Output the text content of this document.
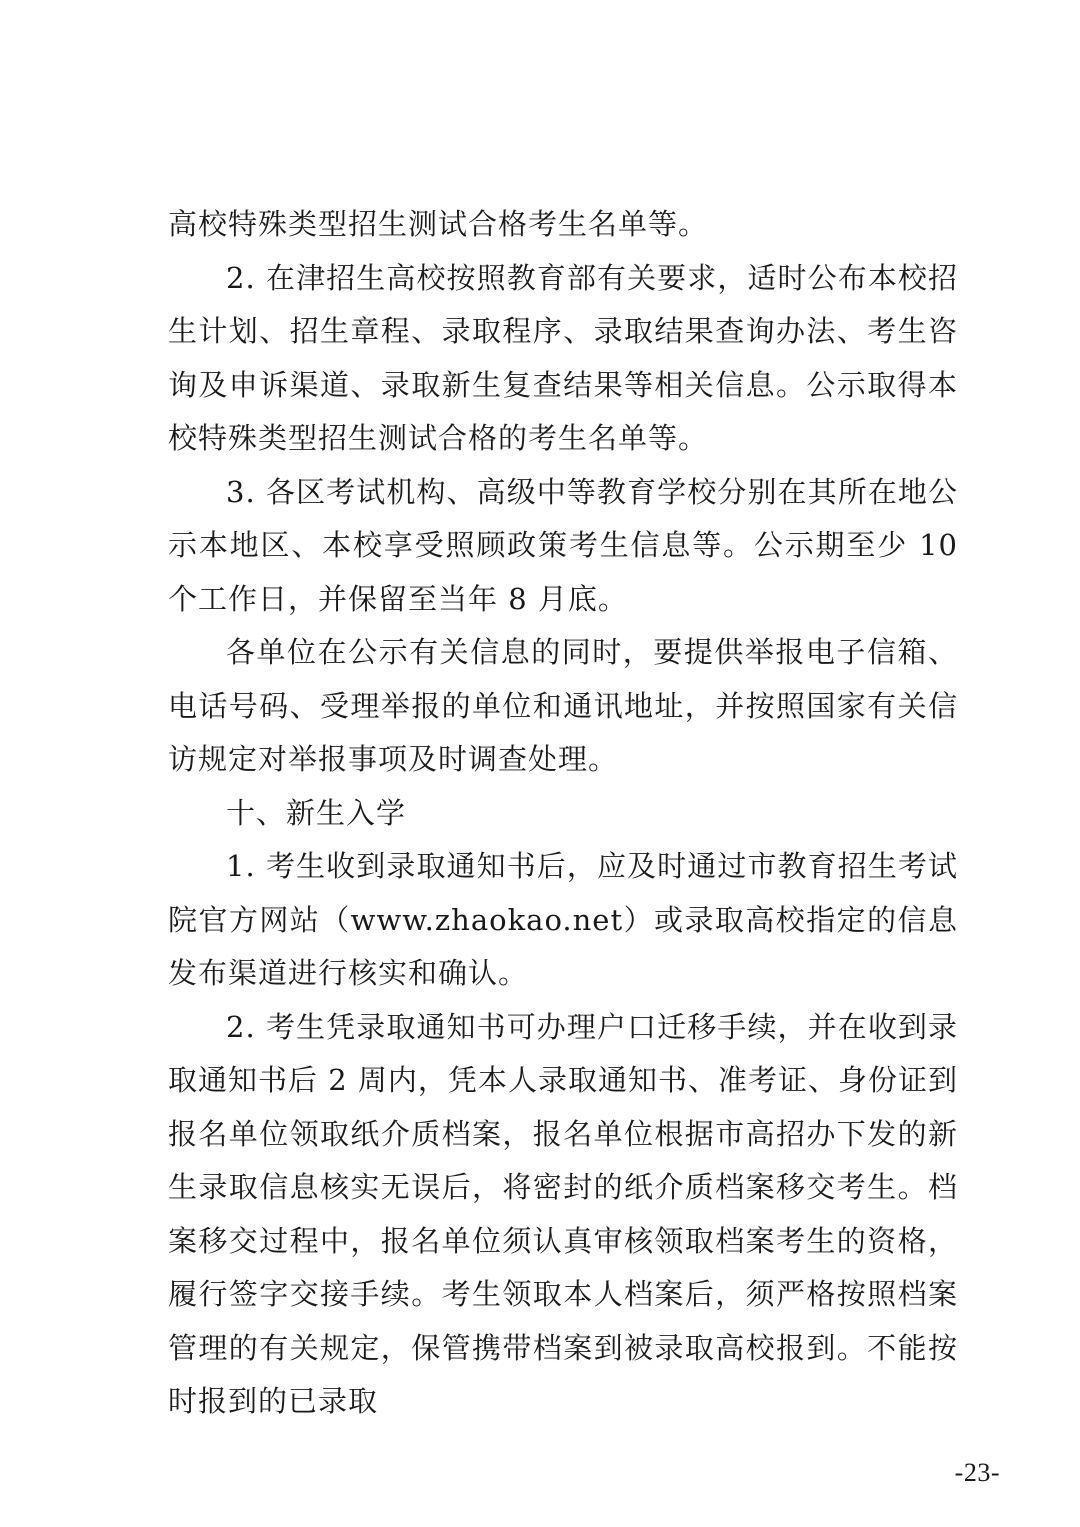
高校特殊类型招生测试合格考生名单等。

2. 在津招生高校按照教育部有关要求，适时公布本校招生计划、招生章程、录取程序、录取结果查询办法、考生咨询及申诉渠道、录取新生复查结果等相关信息。公示取得本校特殊类型招生测试合格的考生名单等。

3. 各区考试机构、高级中等教育学校分别在其所在地公示本地区、本校享受照顾政策考生信息等。公示期至少 10 个工作日，并保留至当年 8 月底。

各单位在公示有关信息的同时，要提供举报电子信箱、电话号码、受理举报的单位和通讯地址，并按照国家有关信访规定对举报事项及时调查处理。

十、新生入学

1. 考生收到录取通知书后，应及时通过市教育招生考试院官方网站（www.zhaokao.net）或录取高校指定的信息发布渠道进行核实和确认。

2. 考生凭录取通知书可办理户口迁移手续，并在收到录取通知书后 2 周内，凭本人录取通知书、准考证、身份证到报名单位领取纸介质档案，报名单位根据市高招办下发的新生录取信息核实无误后，将密封的纸介质档案移交考生。档案移交过程中，报名单位须认真审核领取档案考生的资格，履行签字交接手续。考生领取本人档案后，须严格按照档案管理的有关规定，保管携带档案到被录取高校报到。不能按时报到的已录取

-23-
